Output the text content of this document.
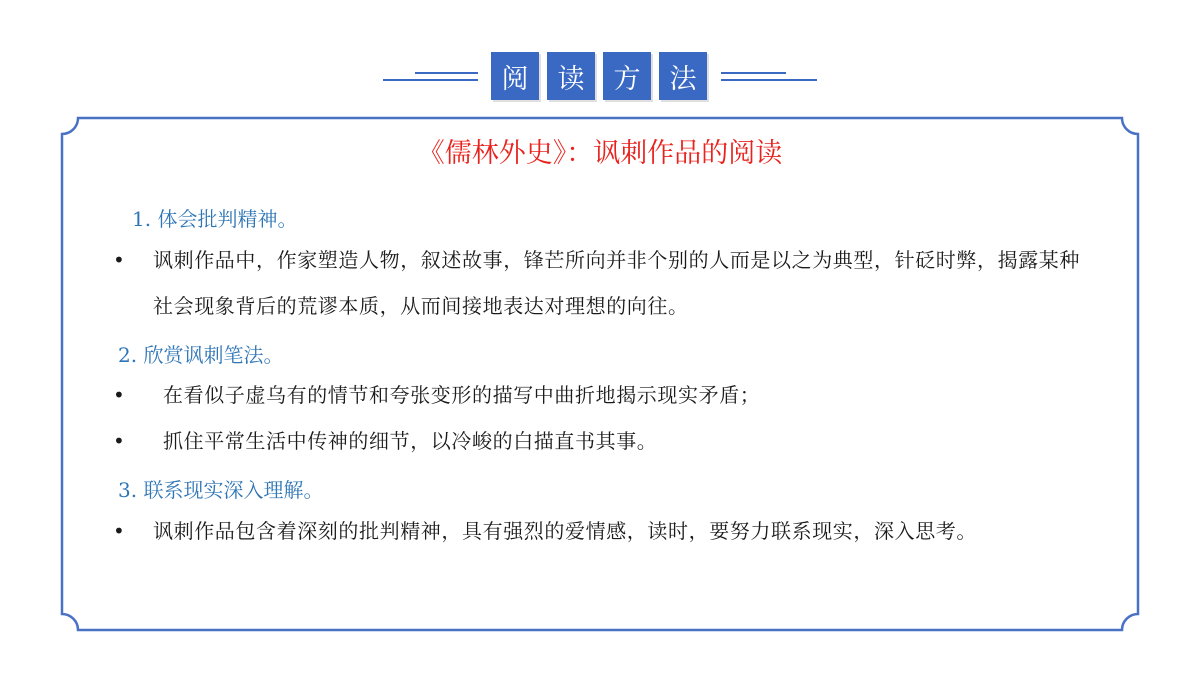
阅	读	方	法
《儒林外史》：讽刺作品的阅读
1. 体会批判精神。
• 讽刺作品中，作家塑造人物，叙述故事，锋芒所向并非个别的人而是以之为典型，针砭时弊，揭露某种社会现象背后的荒谬本质，从而间接地表达对理想的向往。
2. 欣赏讽刺笔法。
• 在看似子虚乌有的情节和夸张变形的描写中曲折地揭示现实矛盾；
• 抓住平常生活中传神的细节，以冷峻的白描直书其事。
3. 联系现实深入理解。
• 讽刺作品包含着深刻的批判精神，具有强烈的爱情感，读时，要努力联系现实，深入思考。
